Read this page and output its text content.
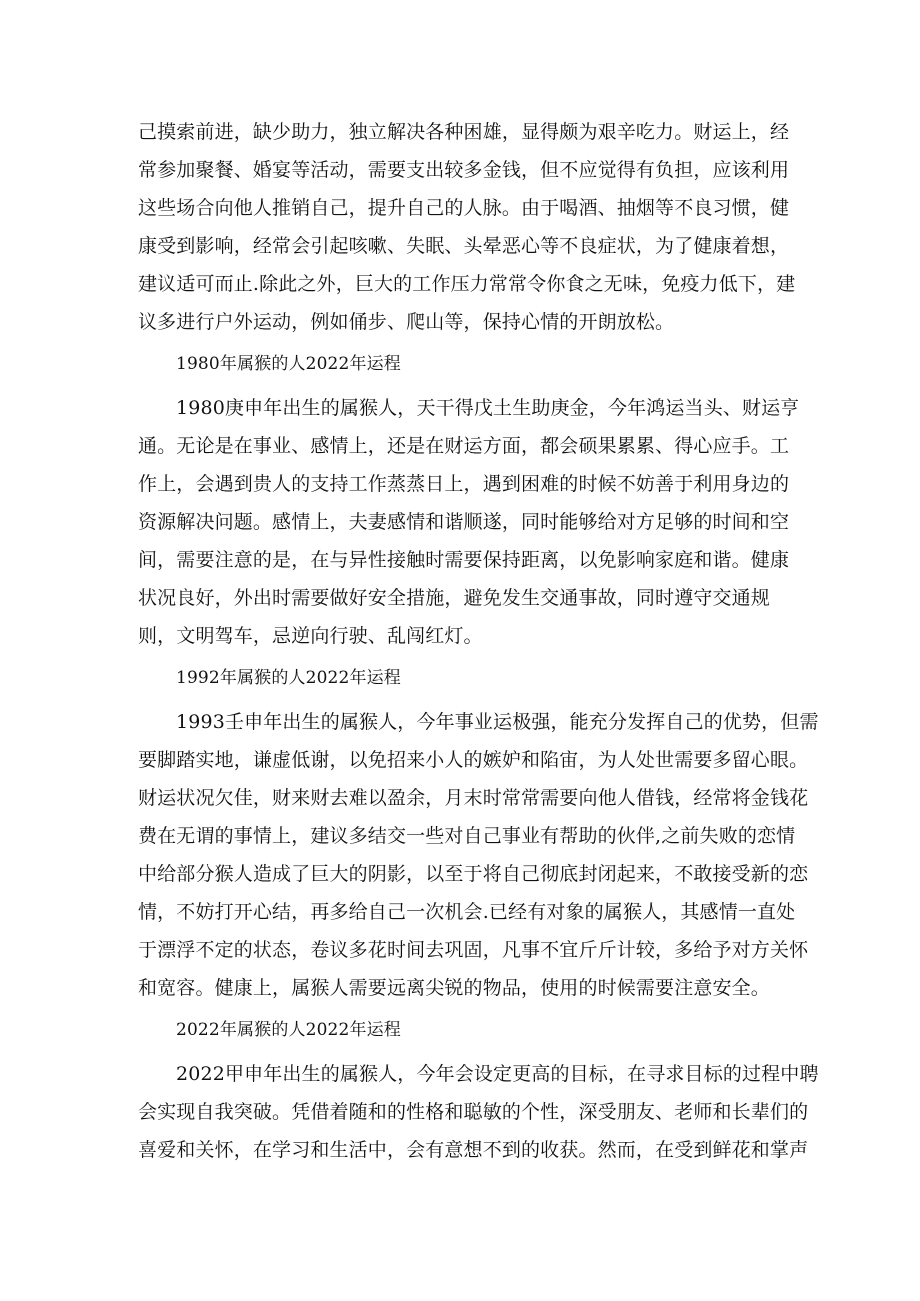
己摸索前进，缺少助力，独立解决各种困雄，显得颇为艰辛吃力。财运上，经
常参加聚餐、婚宴等活动，需要支出较多金钱，但不应觉得有负担，应该利用
这些场合向他人推销自己，提升自己的人脉。由于喝酒、抽烟等不良习惯，健
康受到影响，经常会引起咳嗽、失眠、头晕恶心等不良症状，为了健康着想，
建议适可而止.除此之外，巨大的工作压力常常令你食之无味，免疫力低下，建
议多进行户外运动，例如俑步、爬山等，保持心情的开朗放松。
1980年属猴的人2022年运程
1980庚申年出生的属猴人，天干得戊土生助庚金，今年鸿运当头、财运亨
通。无论是在事业、感情上，还是在财运方面，都会硕果累累、得心应手。工
作上，会遇到贵人的支持工作蒸蒸日上，遇到困难的时候不妨善于利用身边的
资源解决问题。感情上，夫妻感情和谐顺遂，同时能够给对方足够的时间和空
间，需要注意的是，在与异性接触时需要保持距离，以免影响家庭和谐。健康
状况良好，外出时需要做好安全措施，避免发生交通事故，同时遵守交通规
则，文明驾车，忌逆向行驶、乱闯红灯。
1992年属猴的人2022年运程
1993壬申年出生的属猴人，今年事业运极强，能充分发挥自己的优势，但需
要脚踏实地，谦虚低谢，以免招来小人的嫉妒和陷宙，为人处世需要多留心眼。
财运状况欠佳，财来财去难以盈余，月末时常常需要向他人借钱，经常将金钱花
费在无谓的事情上，建议多结交一些对自己事业有帮助的伙伴,之前失败的恋情
中给部分猴人造成了巨大的阴影，以至于将自己彻底封闭起来，不敢接受新的恋
情，不妨打开心结，再多给自己一次机会.已经有对象的属猴人，其感情一直处
于漂浮不定的状态，卷议多花时间去巩固，凡事不宜斤斤计较，多给予对方关怀
和宽容。健康上，属猴人需要远离尖锐的物品，使用的时候需要注意安全。
2022年属猴的人2022年运程
2022甲申年出生的属猴人，今年会设定更高的目标，在寻求目标的过程中聘
会实现自我突破。凭借着随和的性格和聪敏的个性，深受朋友、老师和长辈们的
喜爱和关怀，在学习和生活中，会有意想不到的收获。然而，在受到鲜花和掌声
